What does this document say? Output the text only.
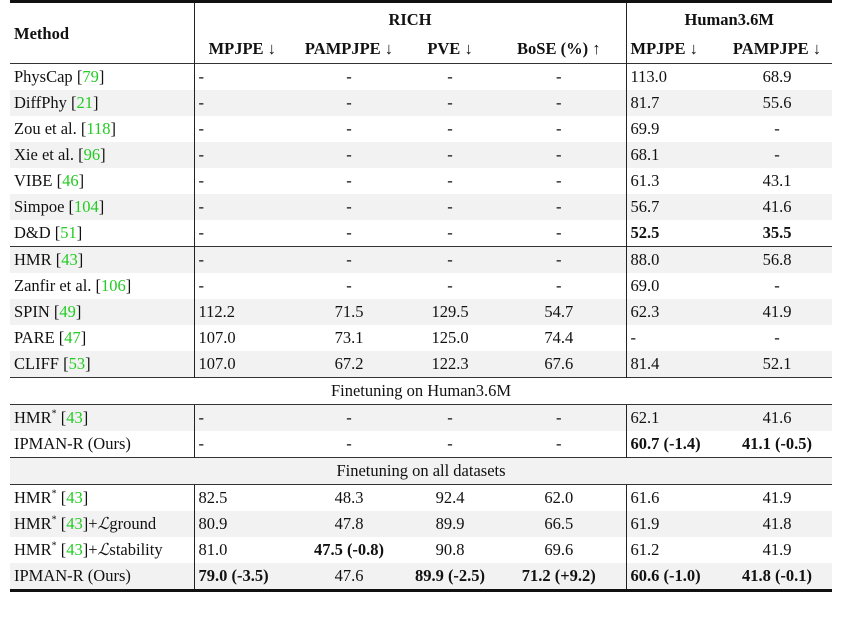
Method	RICH				Human3.6M	
	MPJPE ↓	PAMPJPE ↓	PVE ↓	BoSE (%) ↑	MPJPE ↓	PAMPJPE ↓
PhysCap [79]	-	-	-	-	113.0	68.9
DiffPhy [21]	-	-	-	-	81.7	55.6
Zou et al. [118]	-	-	-	-	69.9	-
Xie et al. [96]	-	-	-	-	68.1	-
VIBE [46]	-	-	-	-	61.3	43.1
Simpoe [104]	-	-	-	-	56.7	41.6
D&D [51]	-	-	-	-	52.5	35.5
HMR [43]	-	-	-	-	88.0	56.8
Zanfir et al. [106]	-	-	-	-	69.0	-
SPIN [49]	112.2	71.5	129.5	54.7	62.3	41.9
PARE [47]	107.0	73.1	125.0	74.4	-	-
CLIFF [53]	107.0	67.2	122.3	67.6	81.4	52.1
Finetuning on Human3.6M						
HMR* [43]	-	-	-	-	62.1	41.6
IPMAN-R (Ours)	-	-	-	-	60.7 (-1.4)	41.1 (-0.5)
Finetuning on all datasets						
HMR* [43]	82.5	48.3	92.4	62.0	61.6	41.9
HMR* [43]+ℒground	80.9	47.8	89.9	66.5	61.9	41.8
HMR* [43]+ℒstability	81.0	47.5 (-0.8)	90.8	69.6	61.2	41.9
IPMAN-R (Ours)	79.0 (-3.5)	47.6	89.9 (-2.5)	71.2 (+9.2)	60.6 (-1.0)	41.8 (-0.1)
